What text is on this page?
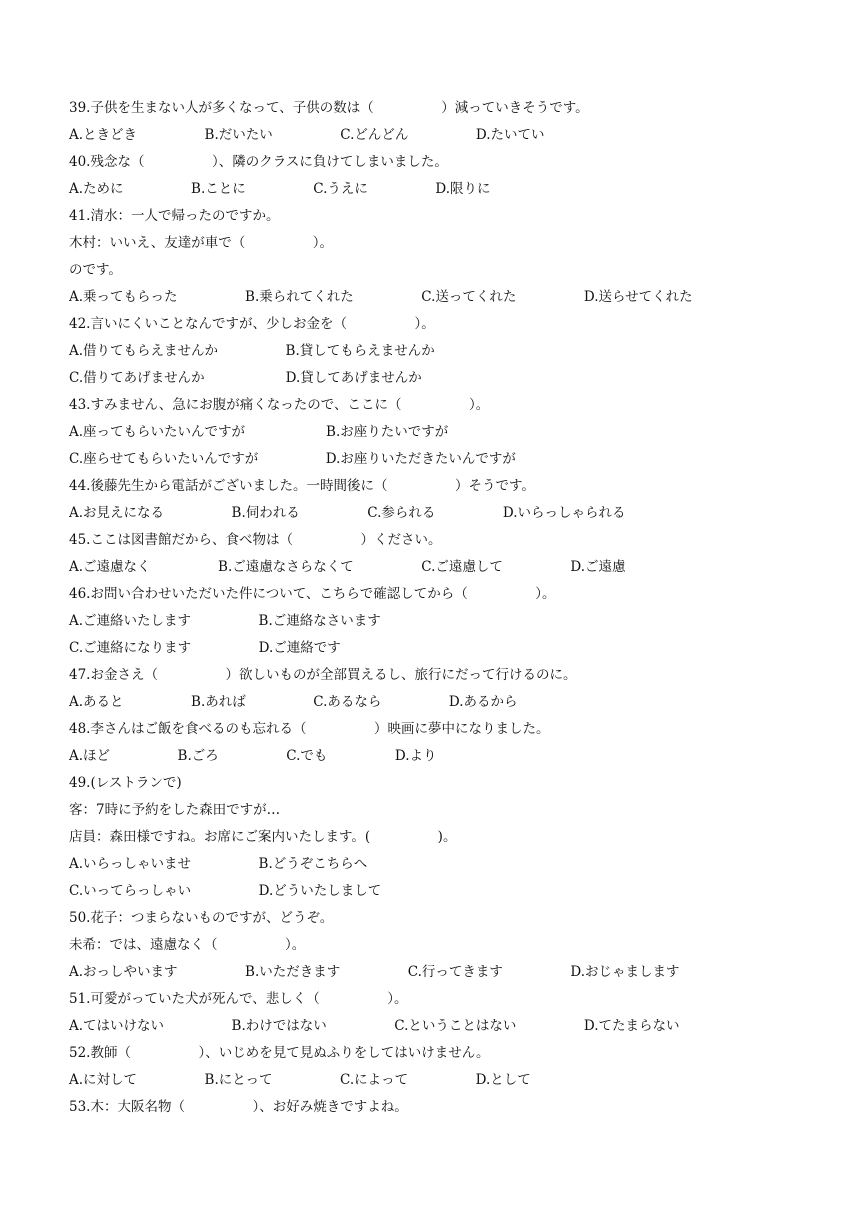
39.子供を生まない人が多くなって、子供の数は（　　　　　）減っていきそうです。
A.ときどき　　　　　B.だいたい　　　　　C.どんどん　　　　　D.たいてい
40.残念な（　　　　　）、隣のクラスに負けてしまいました。
A.ために　　　　　B.ことに　　　　　C.うえに　　　　　D.限りに
41.清水：一人で帰ったのですか。
木村：いいえ、友達が車で（　　　　　）。
のです。
A.乗ってもらった　　　　　B.乗られてくれた　　　　　C.送ってくれた　　　　　D.送らせてくれた
42.言いにくいことなんですが、少しお金を（　　　　　）。
A.借りてもらえませんか　　　　　B.貸してもらえませんか
C.借りてあげませんか　　　　　　D.貸してあげませんか
43.すみません、急にお腹が痛くなったので、ここに（　　　　　）。
A.座ってもらいたいんですが　　　　　　B.お座りたいですが
C.座らせてもらいたいんですが　　　　　D.お座りいただきたいんですが
44.後藤先生から電話がございました。一時間後に（　　　　　）そうです。
A.お見えになる　　　　　B.伺われる　　　　　C.参られる　　　　　D.いらっしゃられる
45.ここは図書館だから、食べ物は（　　　　　）ください。
A.ご遠慮なく　　　　　B.ご遠慮なさらなくて　　　　　C.ご遠慮して　　　　　D.ご遠慮
46.お問い合わせいただいた件について、こちらで確認してから（　　　　　）。
A.ご連絡いたします　　　　　B.ご連絡なさいます
C.ご連絡になります　　　　　D.ご連絡です
47.お金さえ（　　　　　）欲しいものが全部買えるし、旅行にだって行けるのに。
A.あると　　　　　B.あれば　　　　　C.あるなら　　　　　D.あるから
48.李さんはご飯を食べるのも忘れる（　　　　　）映画に夢中になりました。
A.ほど　　　　　B.ごろ　　　　　C.でも　　　　　D.より
49.(レストランで)
客：7時に予約をした森田ですが…
店員：森田様ですね。お席にご案内いたします。(　　　　　)。
A.いらっしゃいませ　　　　　B.どうぞこちらへ
C.いってらっしゃい　　　　　D.どういたしまして
50.花子：つまらないものですが、どうぞ。
未希：では、遠慮なく（　　　　　）。
A.おっしやいます　　　　　B.いただきます　　　　　C.行ってきます　　　　　D.おじゃまします
51.可愛がっていた犬が死んで、悲しく（　　　　　）。
A.てはいけない　　　　　B.わけではない　　　　　C.ということはない　　　　　D.てたまらない
52.教師（　　　　　）、いじめを見て見ぬふりをしてはいけません。
A.に対して　　　　　B.にとって　　　　　C.によって　　　　　D.として
53.木：大阪名物（　　　　　）、お好み焼きですよね。
